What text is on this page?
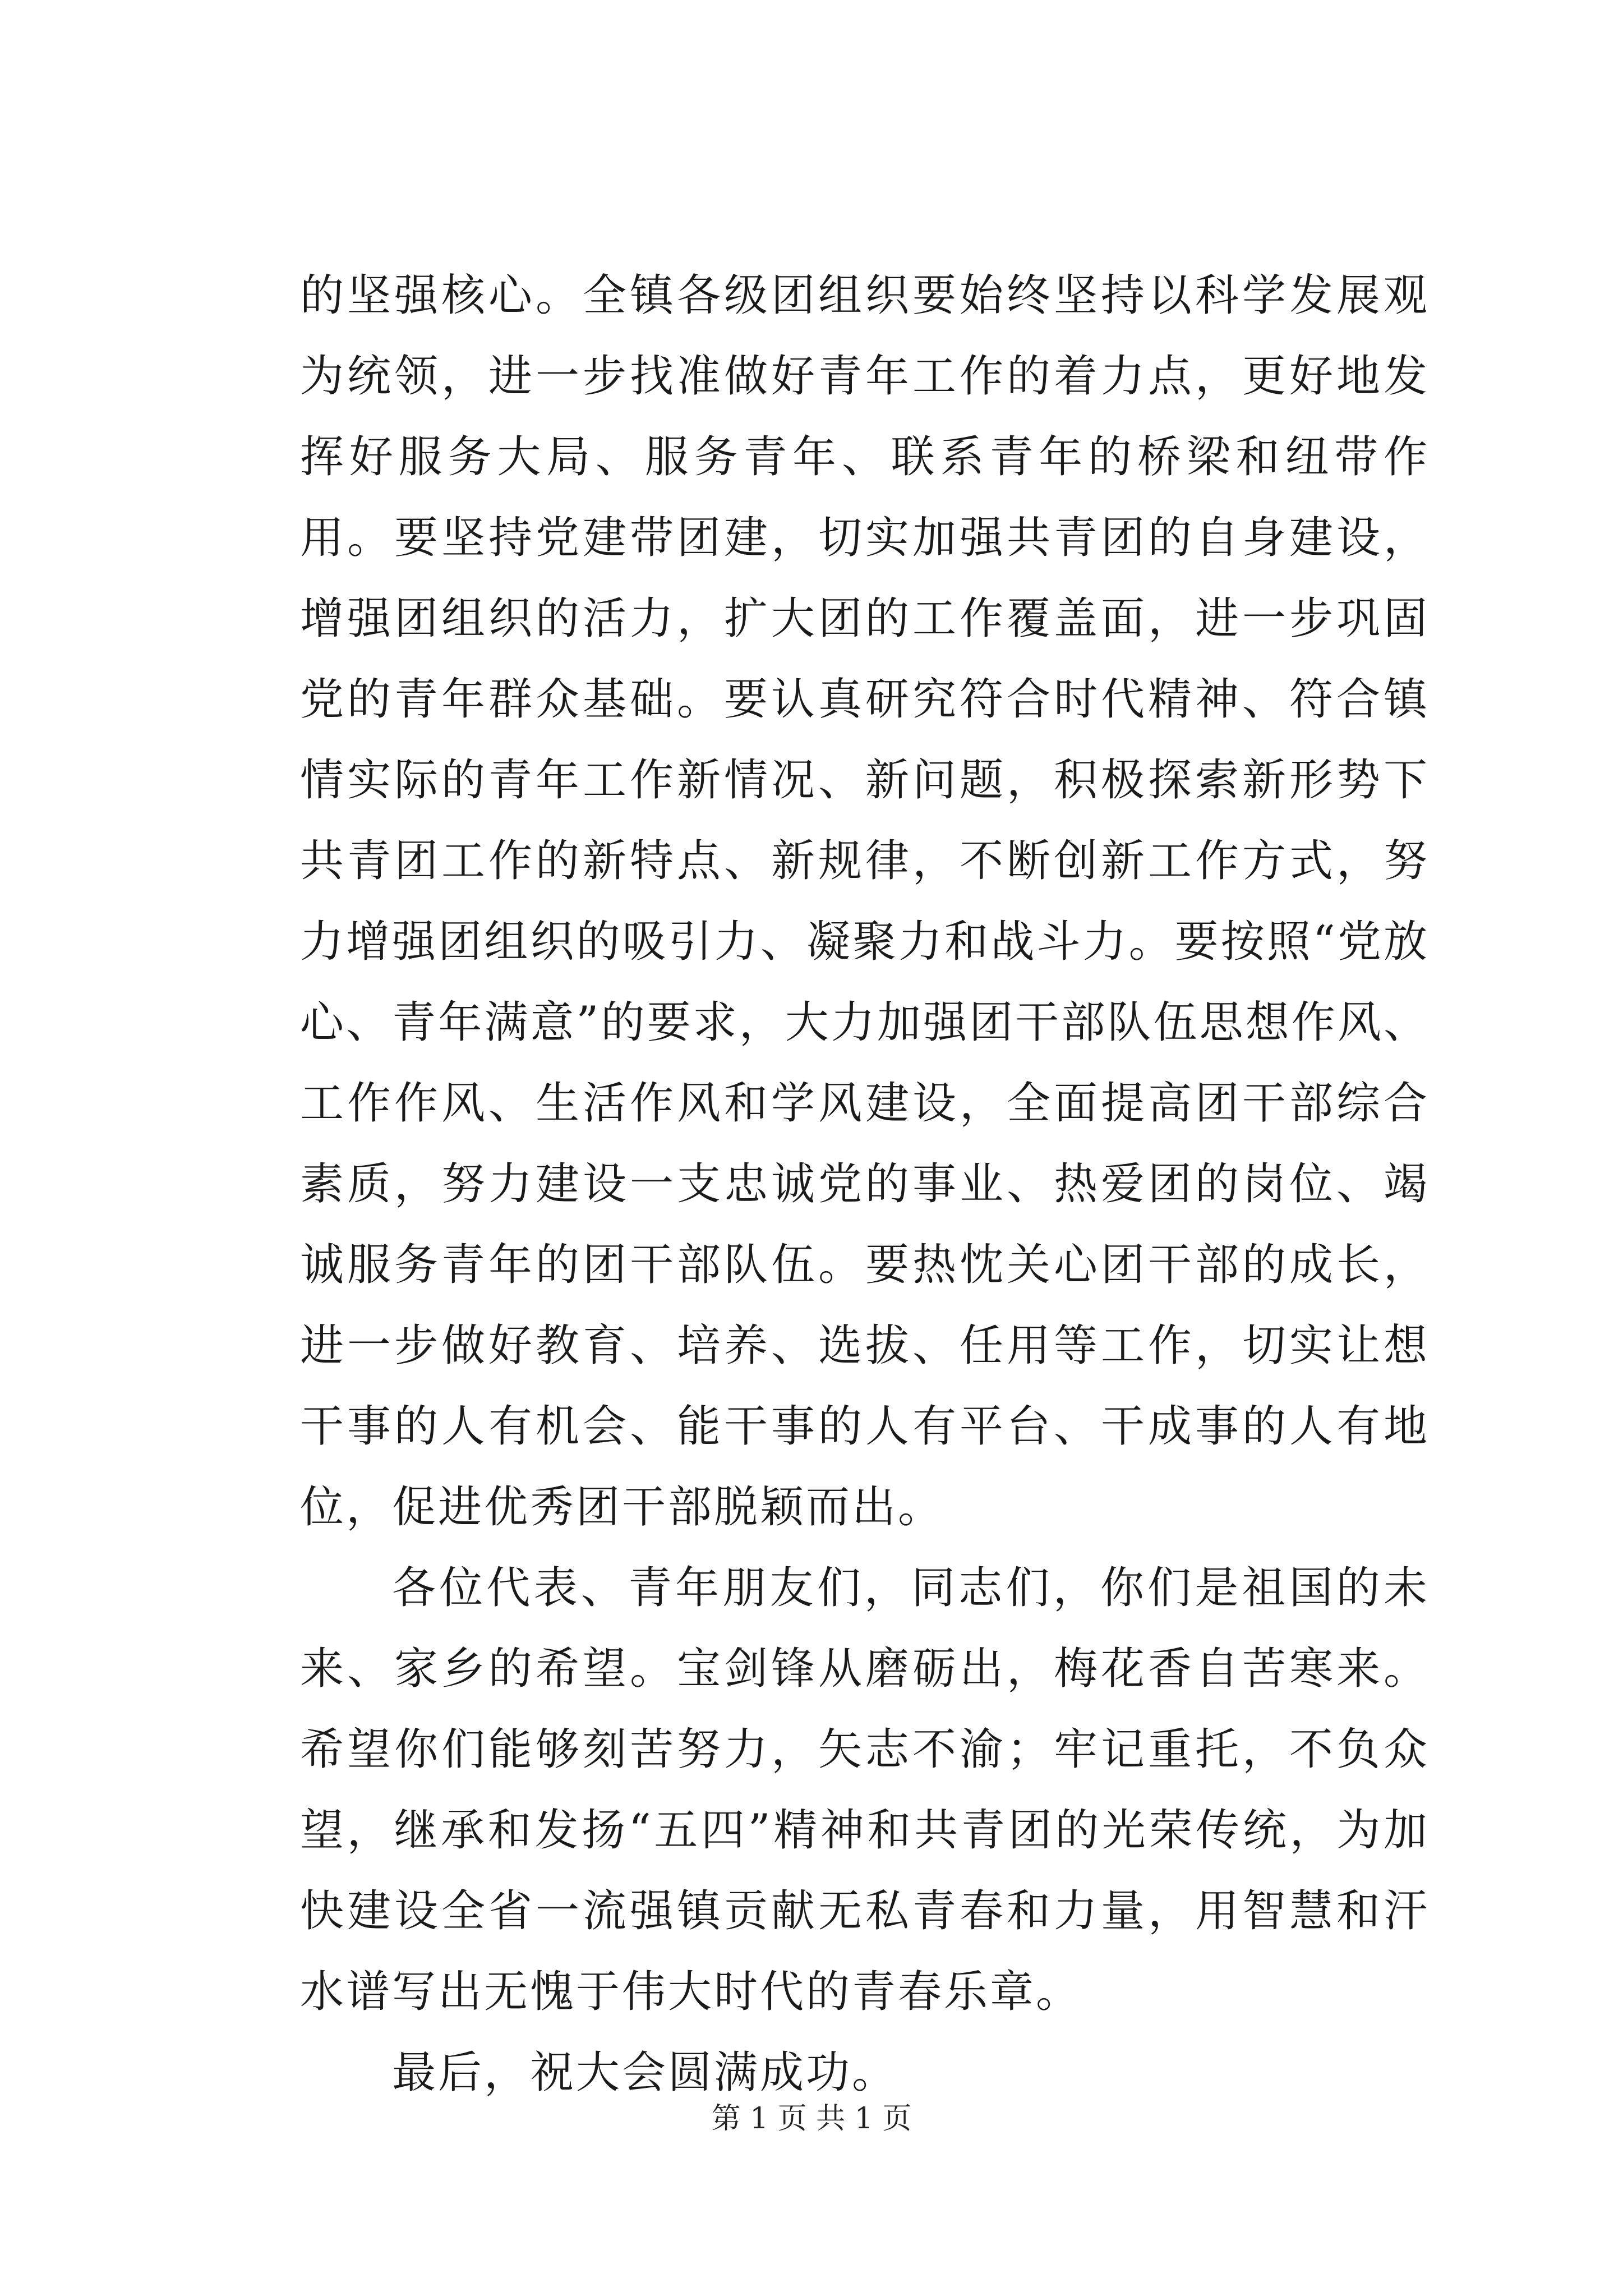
的坚强核心。全镇各级团组织要始终坚持以科学发展观为统领，进一步找准做好青年工作的着力点，更好地发挥好服务大局、服务青年、联系青年的桥梁和纽带作用。要坚持党建带团建，切实加强共青团的自身建设，增强团组织的活力，扩大团的工作覆盖面，进一步巩固党的青年群众基础。要认真研究符合时代精神、符合镇情实际的青年工作新情况、新问题，积极探索新形势下共青团工作的新特点、新规律，不断创新工作方式，努力增强团组织的吸引力、凝聚力和战斗力。要按照“党放心、青年满意”的要求，大力加强团干部队伍思想作风、工作作风、生活作风和学风建设，全面提高团干部综合素质，努力建设一支忠诚党的事业、热爱团的岗位、竭诚服务青年的团干部队伍。要热忱关心团干部的成长，进一步做好教育、培养、选拔、任用等工作，切实让想干事的人有机会、能干事的人有平台、干成事的人有地位，促进优秀团干部脱颖而出。

各位代表、青年朋友们，同志们，你们是祖国的未来、家乡的希望。宝剑锋从磨砺出，梅花香自苦寒来。希望你们能够刻苦努力，矢志不渝；牢记重托，不负众望，继承和发扬“五四”精神和共青团的光荣传统，为加快建设全省一流强镇贡献无私青春和力量，用智慧和汗水谱写出无愧于伟大时代的青春乐章。

最后，祝大会圆满成功。

第 1 页 共 1 页
